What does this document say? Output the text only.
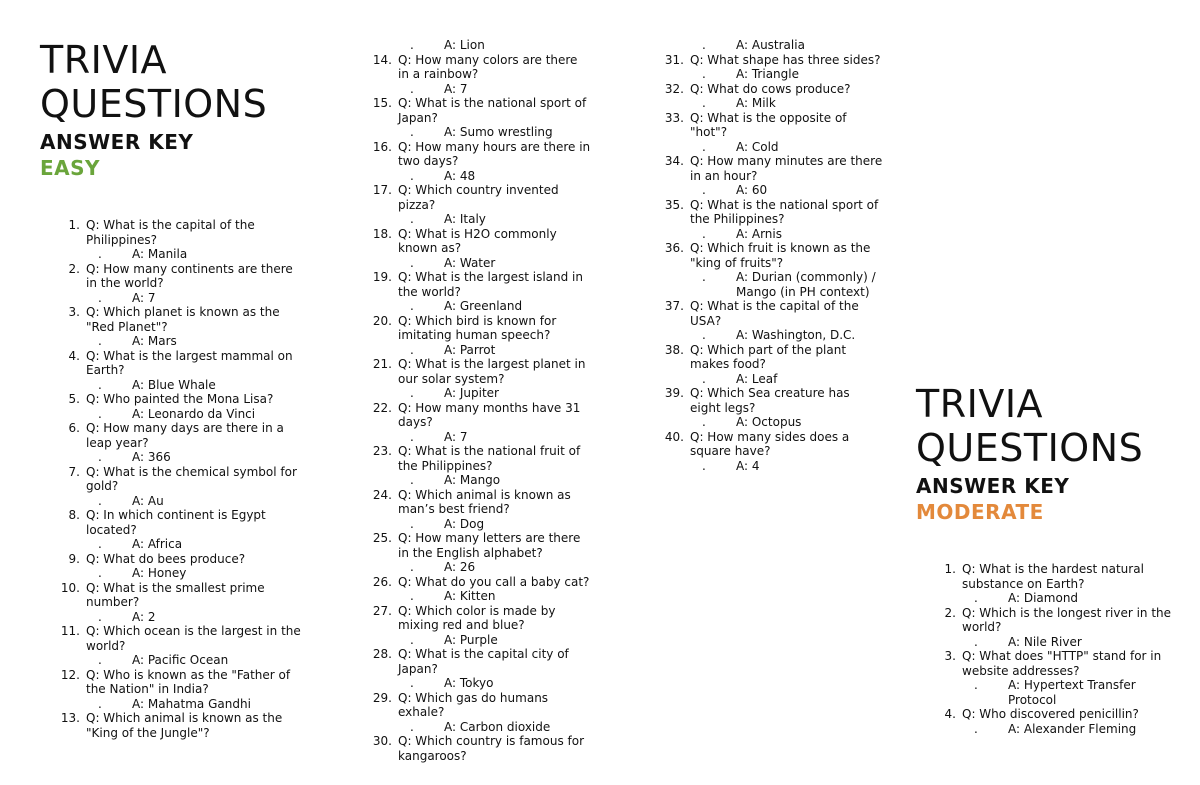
TRIVIA
QUESTIONS
ANSWER KEY
EASY
1. Q: What is the capital of the Philippines?
.	A: Manila
2. Q: How many continents are there in the world?
.	A: 7
3. Q: Which planet is known as the "Red Planet"?
.	A: Mars
4. Q: What is the largest mammal on Earth?
.	A: Blue Whale
5. Q: Who painted the Mona Lisa?
.	A: Leonardo da Vinci
6. Q: How many days are there in a leap year?
.	A: 366
7. Q: What is the chemical symbol for gold?
.	A: Au
8. Q: In which continent is Egypt located?
.	A: Africa
9. Q: What do bees produce?
.	A: Honey
10. Q: What is the smallest prime number?
.	A: 2
11. Q: Which ocean is the largest in the world?
.	A: Pacific Ocean
12. Q: Who is known as the "Father of the Nation" in India?
.	A: Mahatma Gandhi
13. Q: Which animal is known as the "King of the Jungle"?
.	A: Lion
14. Q: How many colors are there in a rainbow?
.	A: 7
15. Q: What is the national sport of Japan?
.	A: Sumo wrestling
16. Q: How many hours are there in two days?
.	A: 48
17. Q: Which country invented pizza?
.	A: Italy
18. Q: What is H2O commonly known as?
.	A: Water
19. Q: What is the largest island in the world?
.	A: Greenland
20. Q: Which bird is known for imitating human speech?
.	A: Parrot
21. Q: What is the largest planet in our solar system?
.	A: Jupiter
22. Q: How many months have 31 days?
.	A: 7
23. Q: What is the national fruit of the Philippines?
.	A: Mango
24. Q: Which animal is known as man’s best friend?
.	A: Dog
25. Q: How many letters are there in the English alphabet?
.	A: 26
26. Q: What do you call a baby cat?
.	A: Kitten
27. Q: Which color is made by mixing red and blue?
.	A: Purple
28. Q: What is the capital city of Japan?
.	A: Tokyo
29. Q: Which gas do humans exhale?
.	A: Carbon dioxide
30. Q: Which country is famous for kangaroos?
.	A: Australia
31. Q: What shape has three sides?
.	A: Triangle
32. Q: What do cows produce?
.	A: Milk
33. Q: What is the opposite of "hot"?
.	A: Cold
34. Q: How many minutes are there in an hour?
.	A: 60
35. Q: What is the national sport of the Philippines?
.	A: Arnis
36. Q: Which fruit is known as the "king of fruits"?
.	A: Durian (commonly) / Mango (in PH context)
37. Q: What is the capital of the USA?
.	A: Washington, D.C.
38. Q: Which part of the plant makes food?
.	A: Leaf
39. Q: Which Sea creature has eight legs?
.	A: Octopus
40. Q: How many sides does a square have?
.	A: 4
TRIVIA
QUESTIONS
ANSWER KEY
MODERATE
1. Q: What is the hardest natural substance on Earth?
.	A: Diamond
2. Q: Which is the longest river in the world?
.	A: Nile River
3. Q: What does "HTTP" stand for in website addresses?
.	A: Hypertext Transfer Protocol
4. Q: Who discovered penicillin?
.	A: Alexander Fleming
